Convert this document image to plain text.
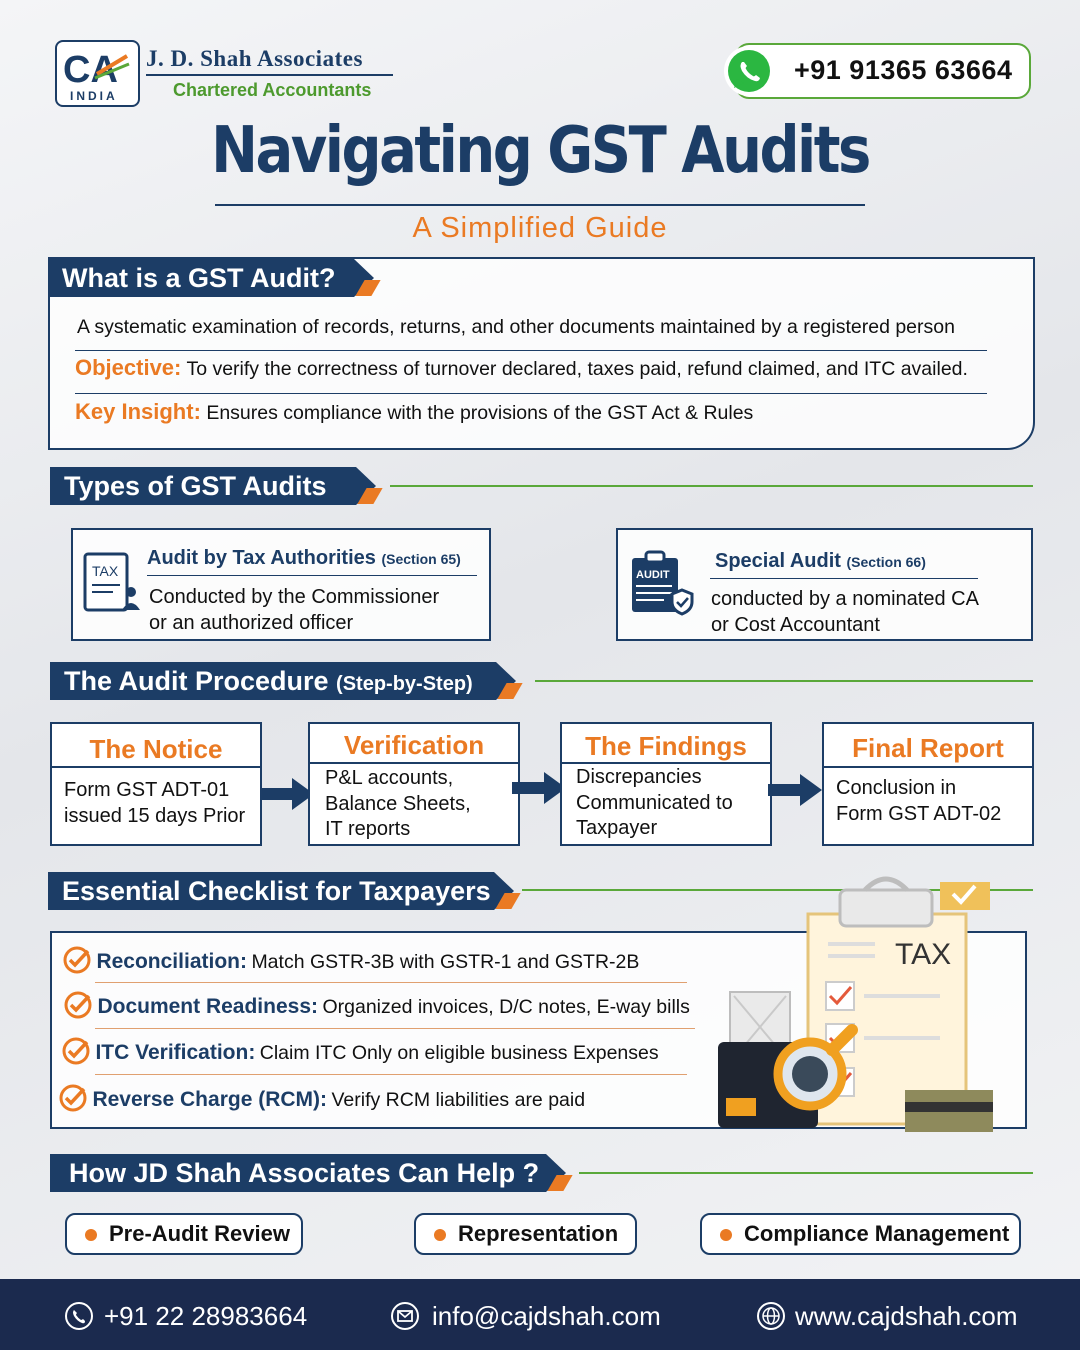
CA
INDIA
J. D. Shah Associates
Chartered Accountants
+91 91365 63664
Navigating GST Audits
A Simplified Guide
What is a GST Audit?
A systematic examination of records, returns, and other documents maintained by a registered person
Objective: To verify the correctness of turnover declared, taxes paid, refund claimed, and ITC availed.
Key Insight: Ensures compliance with the provisions of the GST Act & Rules
Types of GST Audits
TAX
Audit by Tax Authorities (Section 65)
Conducted by the Commissioner
or an authorized officer
AUDIT
Special Audit (Section 66)
conducted by a nominated CA
or Cost Accountant
The Audit Procedure (Step-by-Step)
The Notice
Form GST ADT-01
issued 15 days Prior
Verification
P&L accounts,
Balance Sheets,
IT reports
The Findings
Discrepancies
Communicated to
Taxpayer
Final Report
Conclusion in
Form GST ADT-02
Essential Checklist for Taxpayers
Reconciliation: Match GSTR-3B with GSTR-1 and GSTR-2B
Document Readiness: Organized invoices, D/C notes, E-way bills
ITC Verification: Claim ITC Only on eligible business Expenses
Reverse Charge (RCM): Verify RCM liabilities are paid
TAX
How JD Shah Associates Can Help ?
Pre-Audit Review	Representation	Compliance Management
+91 22 28983664	info@cajdshah.com	www.cajdshah.com
